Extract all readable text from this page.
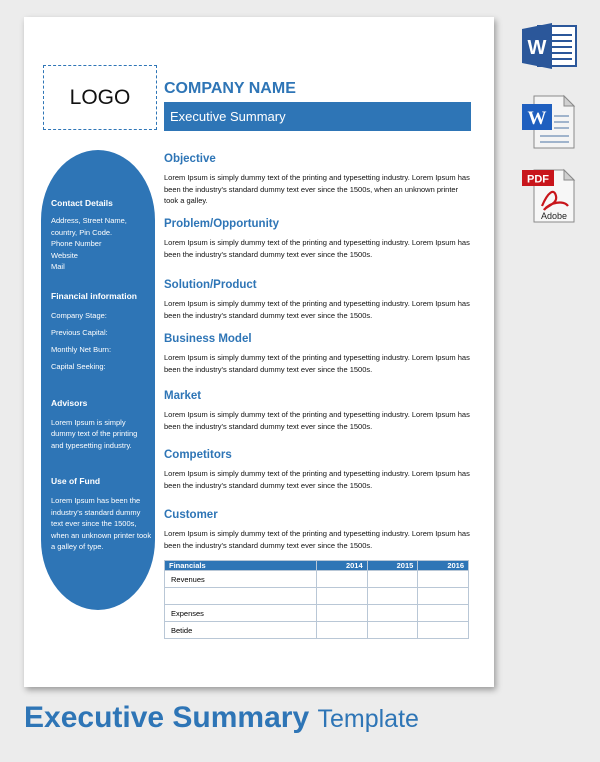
LOGO	COMPANY NAME
Executive Summary
Contact Details
Address, Street Name,
country, Pin Code.
Phone Number
Website
Mail
Financial information
Company Stage:
Previous Capital:
Monthly Net Burn:
Capital Seeking:
Advisors
Lorem Ipsum is simply dummy text of the printing and typesetting industry.
Use of Fund
Lorem Ipsum has been the industry's standard dummy text ever since the 1500s, when an unknown printer took a galley of type.
Objective

Lorem Ipsum is simply dummy text of the printing and typesetting industry. Lorem Ipsum has been the industry's standard dummy text ever since the 1500s, when an unknown printer took a galley.

Problem/Opportunity

Lorem Ipsum is simply dummy text of the printing and typesetting industry. Lorem Ipsum has been the industry's standard dummy text ever since the 1500s.

Solution/Product

Lorem Ipsum is simply dummy text of the printing and typesetting industry. Lorem Ipsum has been the industry's standard dummy text ever since the 1500s.

Business Model

Lorem Ipsum is simply dummy text of the printing and typesetting industry. Lorem Ipsum has been the industry's standard dummy text ever since the 1500s.

Market

Lorem Ipsum is simply dummy text of the printing and typesetting industry. Lorem Ipsum has been the industry's standard dummy text ever since the 1500s.

Competitors

Lorem Ipsum is simply dummy text of the printing and typesetting industry. Lorem Ipsum has been the industry's standard dummy text ever since the 1500s.

Customer

Lorem Ipsum is simply dummy text of the printing and typesetting industry. Lorem Ipsum has been the industry's standard dummy text ever since the 1500s.

Financials	2014	2015	2016
Revenues			

Expenses			
Betide			
W
W
PDF
Adobe
Executive Summary Template
